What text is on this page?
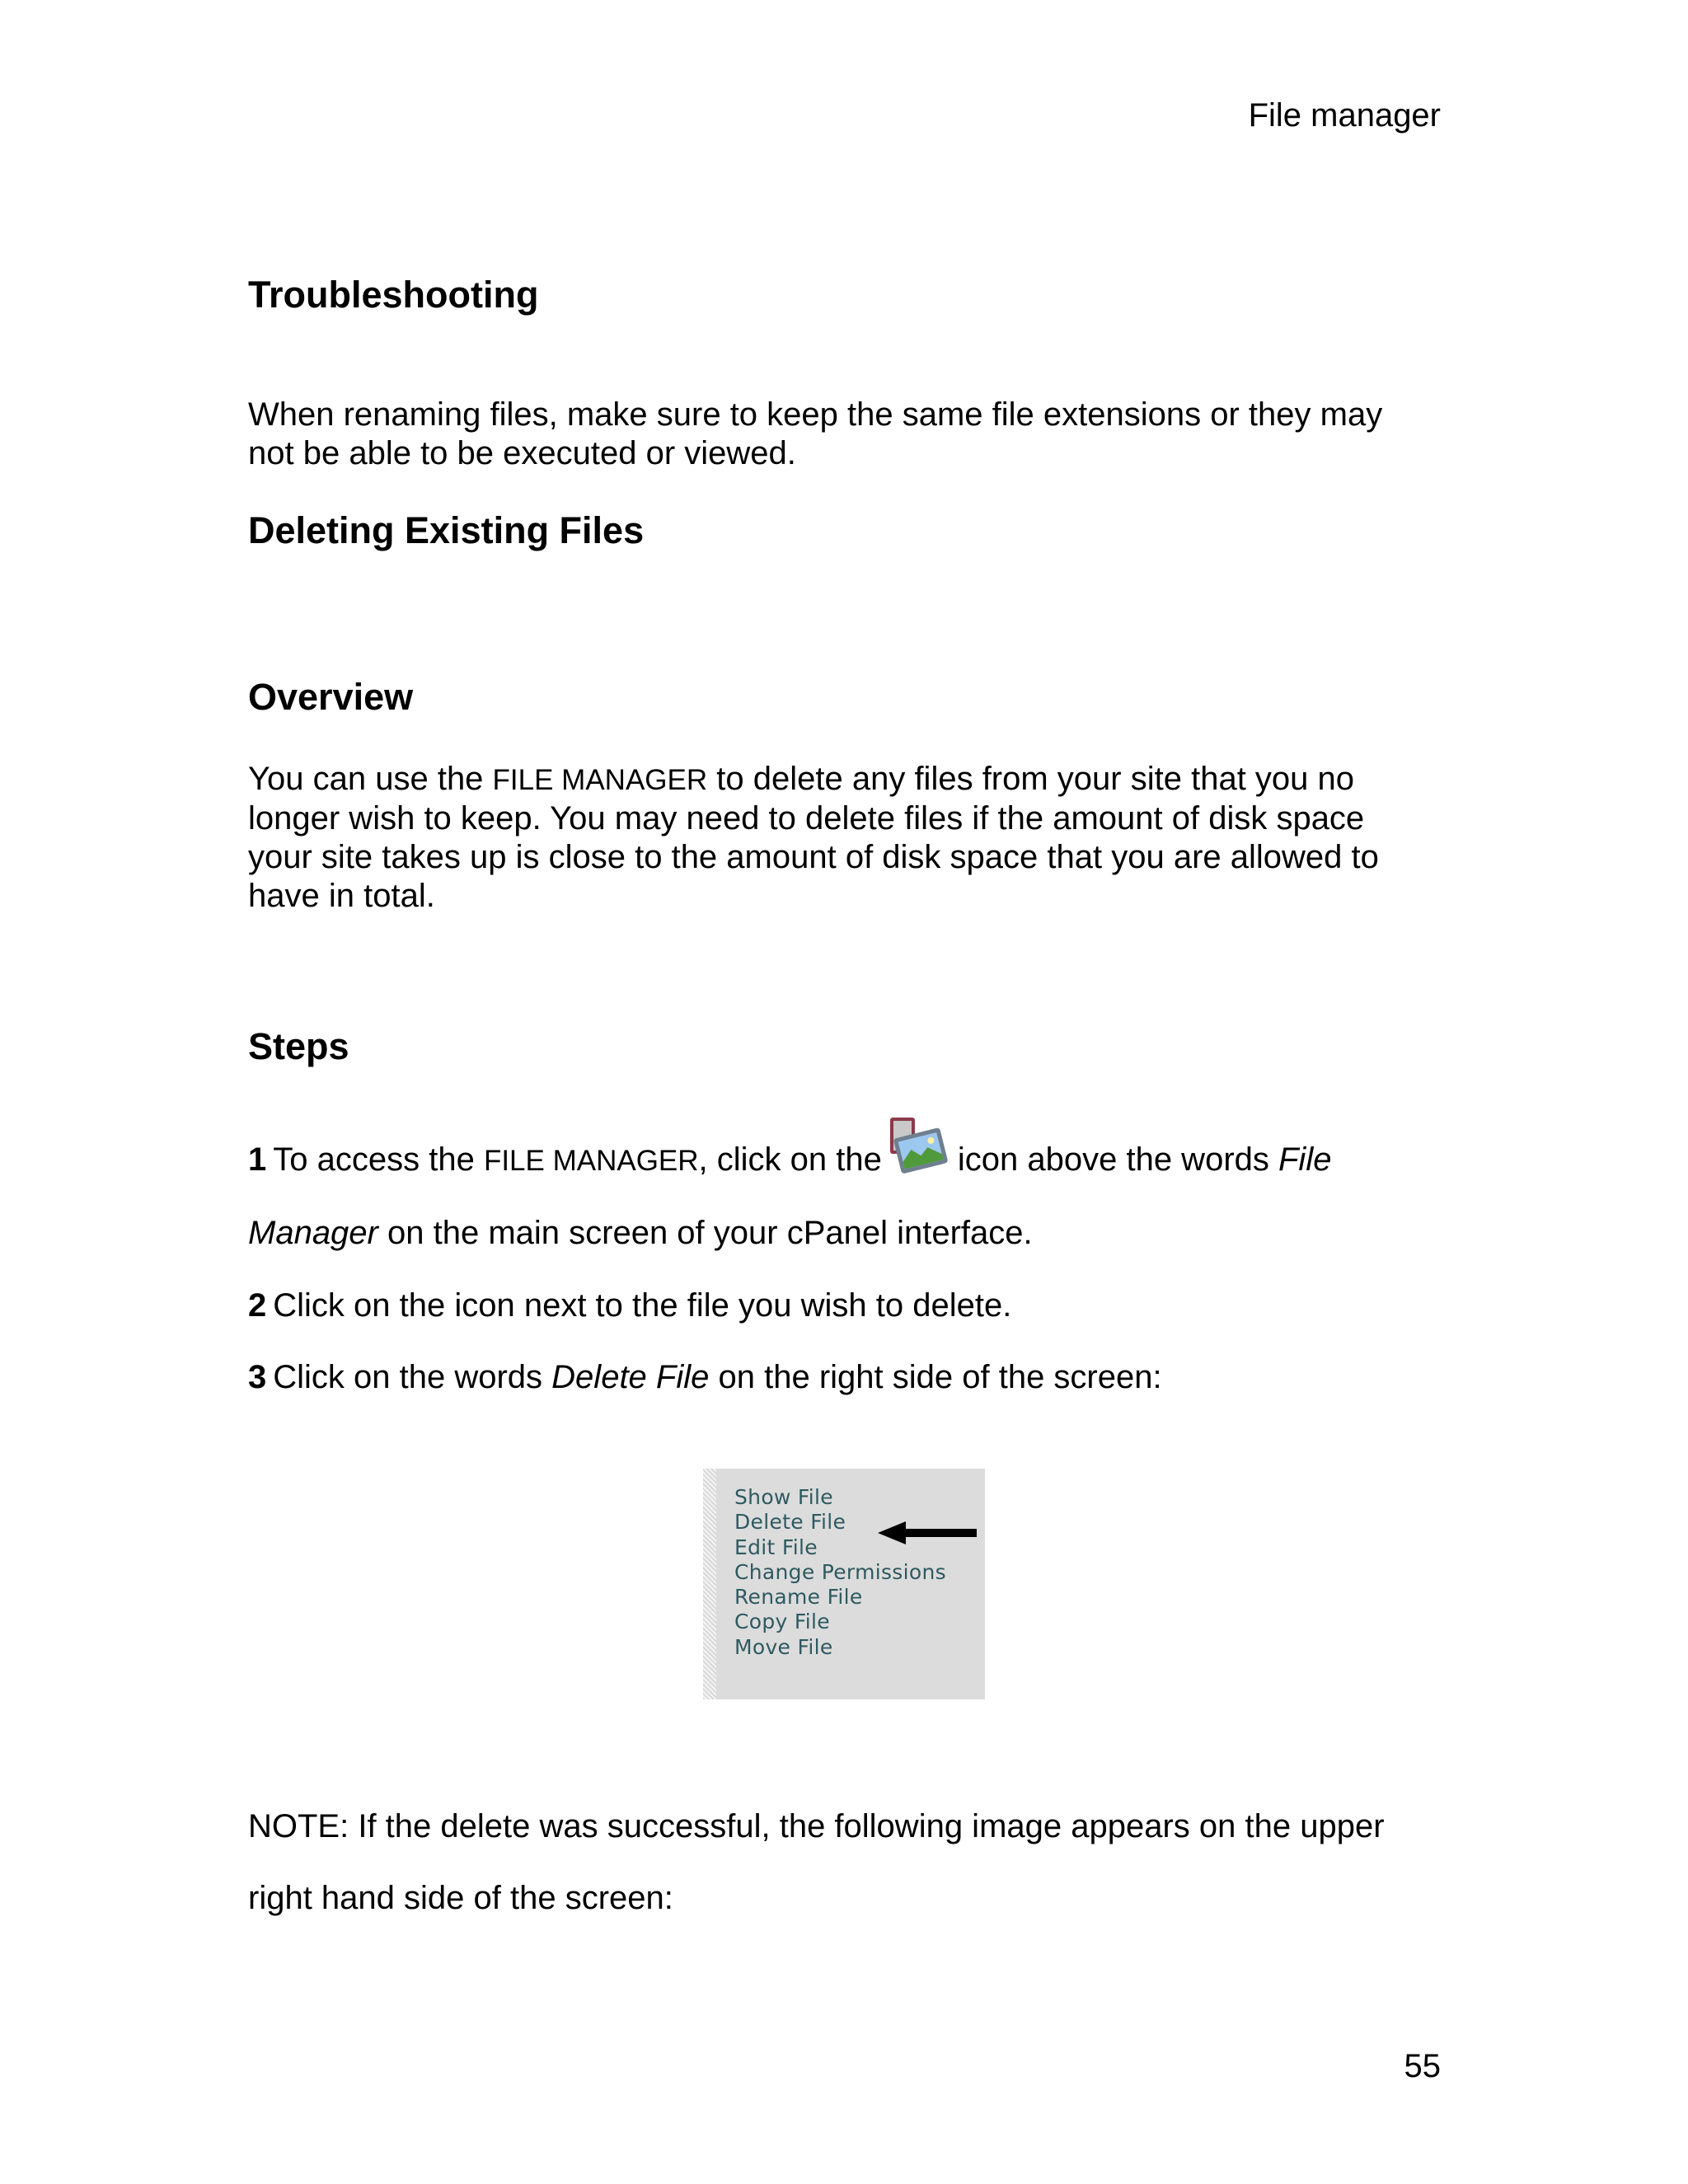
File manager
Troubleshooting

When renaming files, make sure to keep the same file extensions or they may not be able to be executed or viewed.

Deleting Existing Files
Overview

You can use the FILE MANAGER to delete any files from your site that you no longer wish to keep. You may need to delete files if the amount of disk space your site takes up is close to the amount of disk space that you are allowed to have in total.

Steps
1 To access the FILE MANAGER, click on the icon above the words File
Manager on the main screen of your cPanel interface.
2 Click on the icon next to the file you wish to delete.
3 Click on the words Delete File on the right side of the screen:
Show File
Delete File
Edit File
Change Permissions
Rename File
Copy File
Move File
NOTE: If the delete was successful, the following image appears on the upper
right hand side of the screen:
55
